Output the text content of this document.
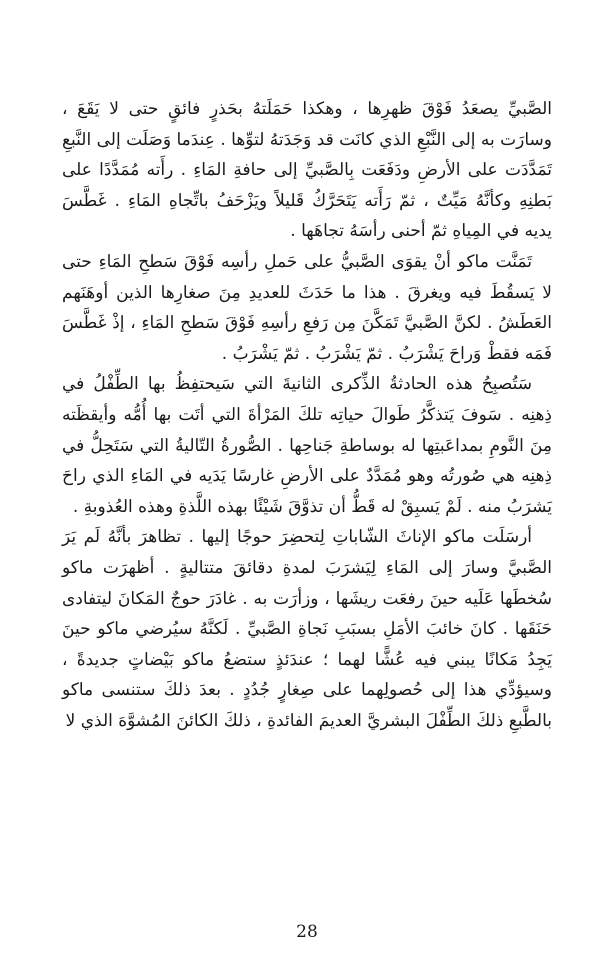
الصَّبيِّ يصعَدُ فَوْقَ ظهرِها ، وهكذا حَمَلَتهُ بحَذرٍ فائقٍ حتى لا يَقَعَ ، وسارَت به إلى النَّبْعِ الذي كانَت قد وَجَدَتهُ لتوِّها . عِندَما وَصَلَت إلى النَّبعِ تَمَدَّدَت على الأرضِ ودَفَعَت بِالصَّبيِّ إلى حافةِ المَاءِ . رأَته مُمَدَّدًا على بَطنِهِ وكأنَّهُ مَيِّتٌ ، ثمّ رَأَته يَتَحَرَّكُ قَليلاً ويَزْحَفُ باتِّجاهِ المَاءِ . غَطَّسَ يديه في المِياهِ ثمّ أحنى رأسَهُ تجاهَها .

تَمَنَّت ماكو أنْ يقوَى الصَّبيُّ على حَملِ رأسِه فَوْقَ سَطحِ المَاءِ حتى لا يَسقُطَ فيه ويغرقَ . هذا ما حَدَثَ للعديدِ مِنَ صغارِها الذين أوهَنَهم العَطَشُ . لكنَّ الصَّبيَّ تَمَكَّنَ مِن رَفعِ رأسِهِ فَوْقَ سَطحِ المَاءِ ، إذْ غَطَّسَ فَمَه فقطْ وَراحَ يَشْرَبُ . ثمّ يَشْرَبُ . ثمّ يَشْرَبُ .

سَتُصبِحُ هذه الحادثةُ الذِّكرى الثانيةَ التي سَيحتفِظُ بها الطِّفْلُ في ذِهنِه . سَوفَ يَتذكَّرُ طَوالَ حياتِه تلكَ المَرْأةَ التي أتَت بها أُمُّه وأيقظَته مِنَ النَّومِ بمداعَبتِها له بوساطةِ جَناحِها . الصُّورةُ التّاليةُ التي سَتَحِلُّ في ذِهنِه هي صُورتُه وهو مُمَدَّدٌ على الأرضِ غارسًا يَدَيه في المَاءِ الذي راحَ يَشرَبُ منه . لَمْ يَسبِقْ له قَطُّ أن تذوَّقَ شَيْئًا بهذه اللَّذةِ وهذه العُذوبةِ .

أرسَلَت ماكو الإناثَ الشّاباتِ لِتحضِرَ حوجًا إليها . تظاهرَ بأنَّهُ لَم يَرَ الصَّبيَّ وسارَ إلى المَاءِ لِيَشرَبَ لمدةِ دقائقَ متتاليةٍ . أظهرَت ماكو سُخطَها عَلَيه حينَ رفعَت ريشَها ، وزأرَت به . غادَرَ حوجٌ المَكانَ ليتفادى حَنَقَها . كانَ خائبَ الأمَلِ بسبَبِ نَجاةِ الصَّبيِّ . لَكنَّهُ سيُرضي ماكو حينَ يَجِدُ مَكانًا يبني فيه عُشًّا لهما ؛ عندَئذٍ ستضعُ ماكو بَيْضاتٍ جديدةً ، وسيؤدِّي هذا إلى حُصولِهما على صِغارٍ جُدُدٍ . بعدَ ذلكَ ستنسى ماكو بالطَّبعِ ذلكَ الطِّفْلَ البشريَّ العديمَ الفائدةِ ، ذلكَ الكائنَ المُشوَّهَ الذي لا

28
